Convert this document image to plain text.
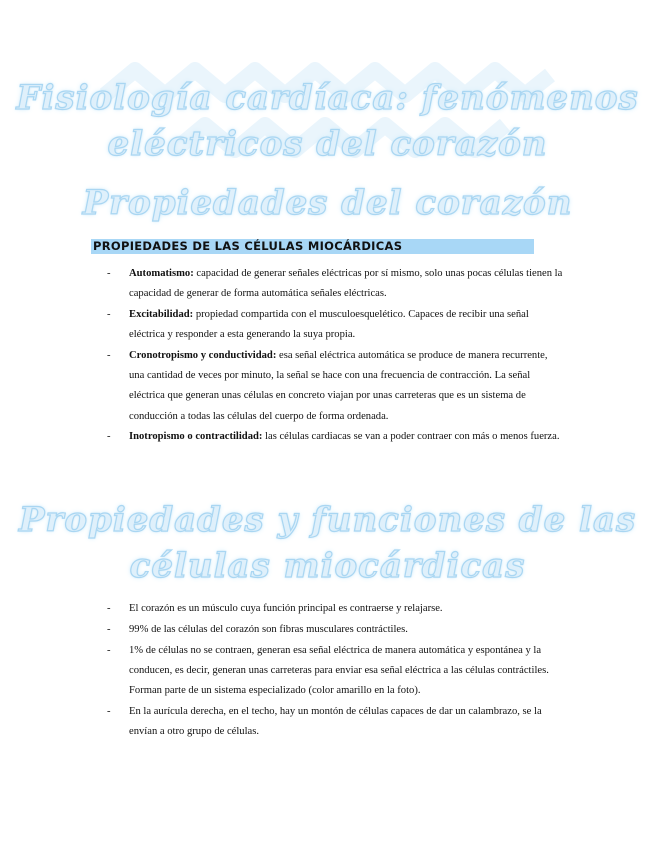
Fisiología cardíaca: fenómenos
eléctricos del corazón
Propiedades del corazón
PROPIEDADES DE LAS CÉLULAS MIOCÁRDICAS
- Automatismo: capacidad de generar señales eléctricas por sí mismo, solo unas pocas células tienen la capacidad de generar de forma automática señales eléctricas.
- Excitabilidad: propiedad compartida con el musculoesquelético. Capaces de recibir una señal eléctrica y responder a esta generando la suya propia.
- Cronotropismo y conductividad: esa señal eléctrica automática se produce de manera recurrente, una cantidad de veces por minuto, la señal se hace con una frecuencia de contracción. La señal eléctrica que generan unas células en concreto viajan por unas carreteras que es un sistema de conducción a todas las células del cuerpo de forma ordenada.
- Inotropismo o contractilidad: las células cardiacas se van a poder contraer con más o menos fuerza.
Propiedades y funciones de las
células miocárdicas
- El corazón es un músculo cuya función principal es contraerse y relajarse.
- 99% de las células del corazón son fibras musculares contráctiles.
- 1% de células no se contraen, generan esa señal eléctrica de manera automática y espontánea y la conducen, es decir, generan unas carreteras para enviar esa señal eléctrica a las células contráctiles. Forman parte de un sistema especializado (color amarillo en la foto).
- En la aurícula derecha, en el techo, hay un montón de células capaces de dar un calambrazo, se la envían a otro grupo de células.
